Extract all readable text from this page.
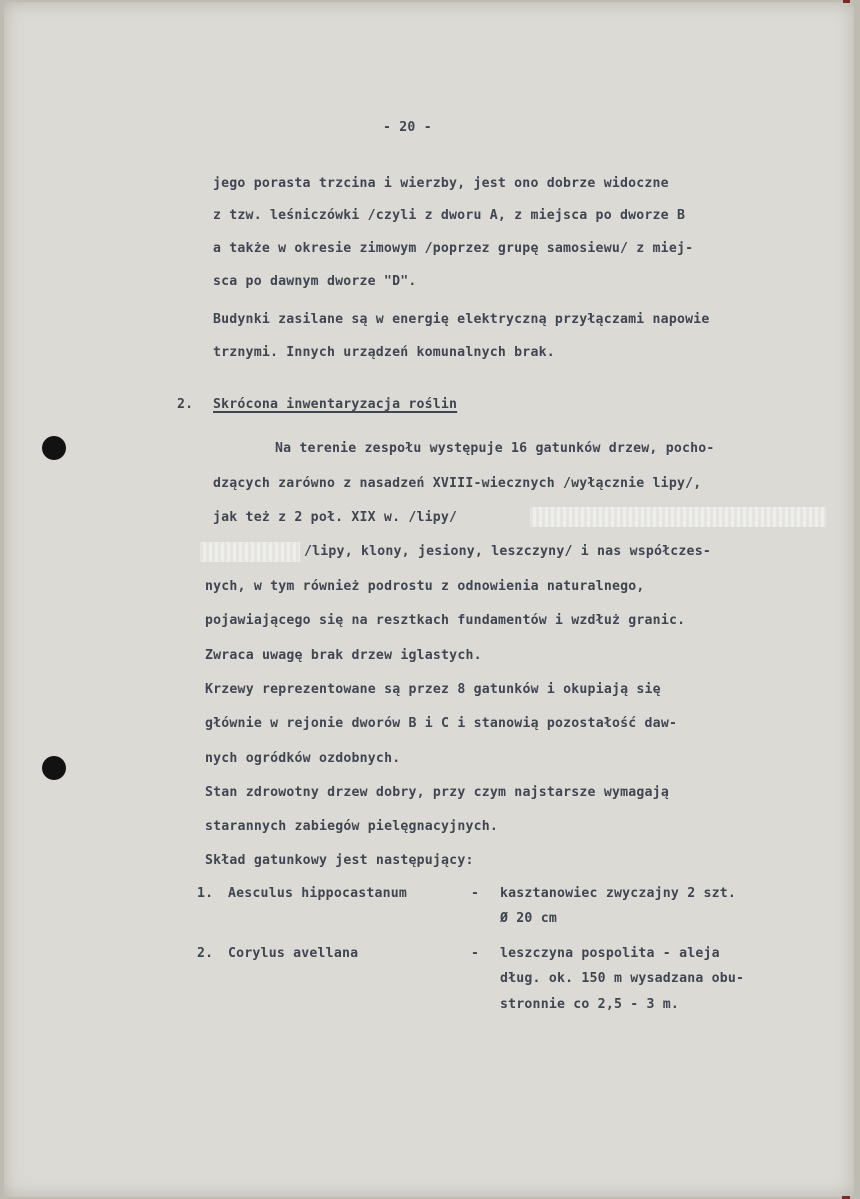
- 20 -

jego porasta trzcina i wierzby, jest ono dobrze widoczne

z tzw. leśniczówki /czyli z dworu A, z miejsca po dworze B

a także w okresie zimowym /poprzez grupę samosiewu/ z miej-

sca po dawnym dworze "D".

Budynki zasilane są w energię elektryczną przyłączami napowie

trznymi. Innych urządzeń komunalnych brak.

2. Skrócona inwentaryzacja roślin

Na terenie zespołu występuje 16 gatunków drzew, pocho-

dzących zarówno z nasadzeń XVIII-wiecznych /wyłącznie lipy/,

jak też z 2 poł. XIX w. /lipy/

/lipy, klony, jesiony, leszczyny/ i nas współczes-

nych, w tym również podrostu z odnowienia naturalnego,

pojawiającego się na resztkach fundamentów i wzdłuż granic.

Zwraca uwagę brak drzew iglastych.

Krzewy reprezentowane są przez 8 gatunków i okupiają się

głównie w rejonie dworów B i C i stanowią pozostałość daw-

nych ogródków ozdobnych.

Stan zdrowotny drzew dobry, przy czym najstarsze wymagają

starannych zabiegów pielęgnacyjnych.

Skład gatunkowy jest następujący:

1. Aesculus hippocastanum	- kasztanowiec zwyczajny 2 szt.

Ø 20 cm

2. Corylus avellana	- leszczyna pospolita - aleja

dług. ok. 150 m wysadzana obu-

stronnie co 2,5 - 3 m.
